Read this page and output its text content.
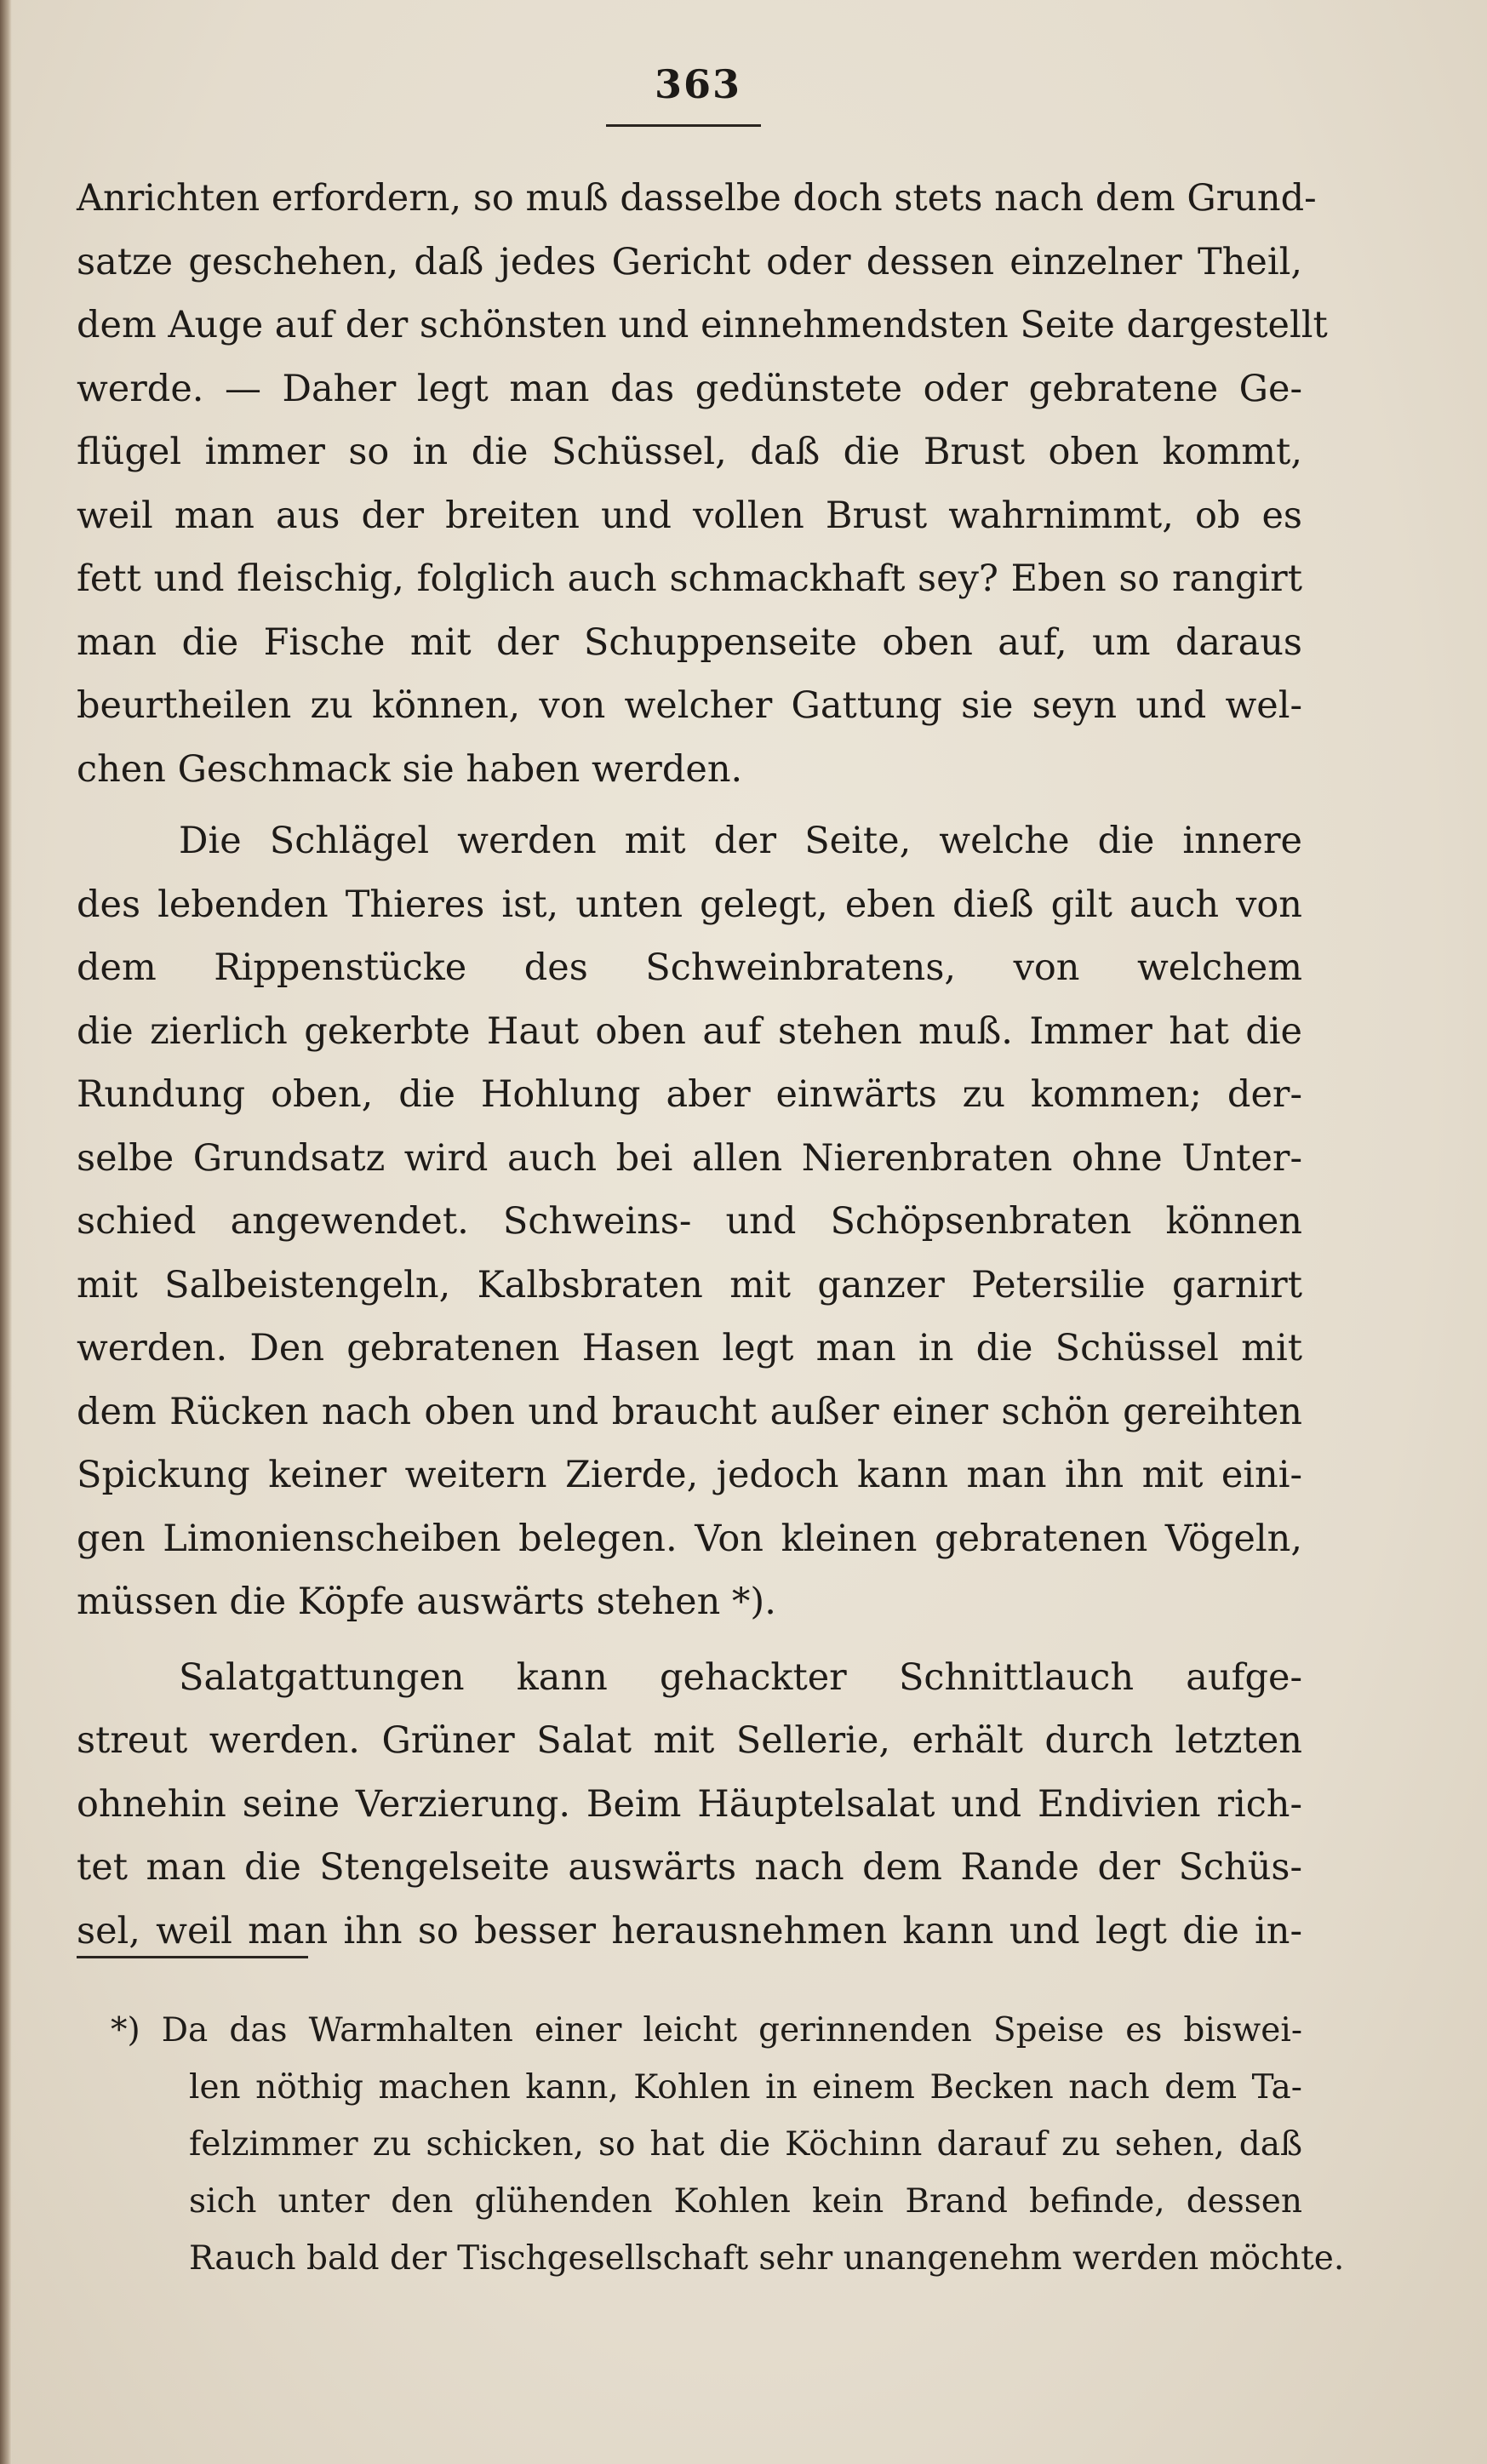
363
Anrichten erfordern, so muß dasselbe doch stets nach dem Grund-
satze geschehen, daß jedes Gericht oder dessen einzelner Theil,
dem Auge auf der schönsten und einnehmendsten Seite dargestellt
werde. — Daher legt man das gedünstete oder gebratene Ge-
flügel immer so in die Schüssel, daß die Brust oben kommt,
weil man aus der breiten und vollen Brust wahrnimmt, ob es
fett und fleischig, folglich auch schmackhaft sey? Eben so rangirt
man die Fische mit der Schuppenseite oben auf, um daraus
beurtheilen zu können, von welcher Gattung sie seyn und wel-
chen Geschmack sie haben werden.
Die Schlägel werden mit der Seite, welche die innere
des lebenden Thieres ist, unten gelegt, eben dieß gilt auch von
dem Rippenstücke des Schweinbratens, von welchem
die zierlich gekerbte Haut oben auf stehen muß. Immer hat die
Rundung oben, die Hohlung aber einwärts zu kommen; der-
selbe Grundsatz wird auch bei allen Nierenbraten ohne Unter-
schied angewendet. Schweins- und Schöpsenbraten können
mit Salbeistengeln, Kalbsbraten mit ganzer Petersilie garnirt
werden. Den gebratenen Hasen legt man in die Schüssel mit
dem Rücken nach oben und braucht außer einer schön gereihten
Spickung keiner weitern Zierde, jedoch kann man ihn mit eini-
gen Limonienscheiben belegen. Von kleinen gebratenen Vögeln,
müssen die Köpfe auswärts stehen *).
Salatgattungen kann gehackter Schnittlauch aufge-
streut werden. Grüner Salat mit Sellerie, erhält durch letzten
ohnehin seine Verzierung. Beim Häuptelsalat und Endivien rich-
tet man die Stengelseite auswärts nach dem Rande der Schüs-
sel, weil man ihn so besser herausnehmen kann und legt die in-
*) Da das Warmhalten einer leicht gerinnenden Speise es biswei-
len nöthig machen kann, Kohlen in einem Becken nach dem Ta-
felzimmer zu schicken, so hat die Köchinn darauf zu sehen, daß
sich unter den glühenden Kohlen kein Brand befinde, dessen
Rauch bald der Tischgesellschaft sehr unangenehm werden möchte.
